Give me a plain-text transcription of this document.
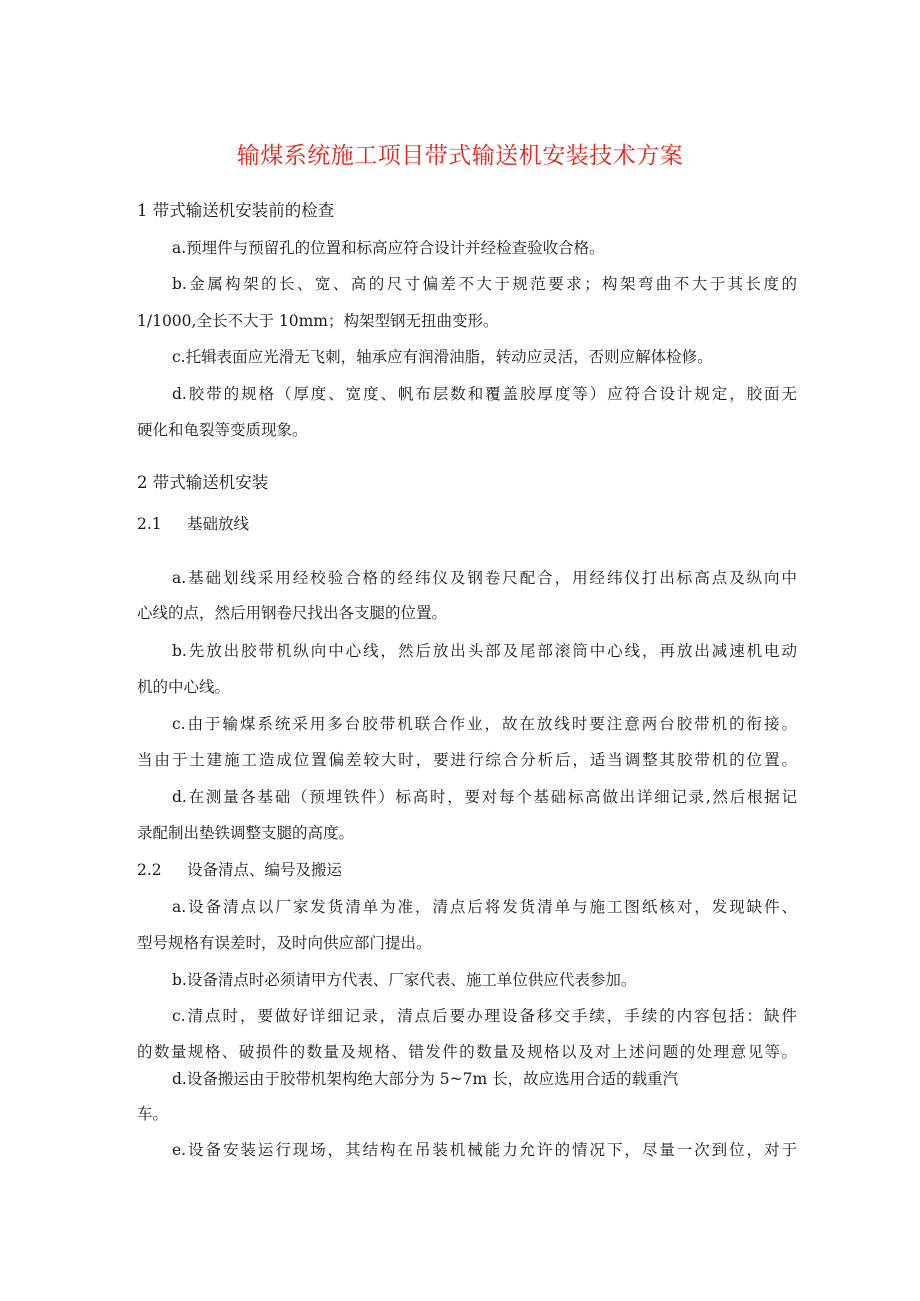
输煤系统施工项目带式输送机安装技术方案
1 带式输送机安装前的检查
a.预埋件与预留孔的位置和标高应符合设计并经检查验收合格。
b.金属构架的长、宽、高的尺寸偏差不大于规范要求；构架弯曲不大于其长度的
1/1000,全长不大于 10mm；构架型钢无扭曲变形。
c.托辑表面应光滑无飞刺，轴承应有润滑油脂，转动应灵活，否则应解体检修。
d.胶带的规格（厚度、宽度、帆布层数和覆盖胶厚度等）应符合设计规定，胶面无
硬化和龟裂等变质现象。
2 带式输送机安装
2.1 基础放线
a.基础划线采用经校验合格的经纬仪及钢卷尺配合，用经纬仪打出标高点及纵向中
心线的点，然后用钢卷尺找出各支腿的位置。
b.先放出胶带机纵向中心线，然后放出头部及尾部滚筒中心线，再放出减速机电动
机的中心线。
c.由于输煤系统采用多台胶带机联合作业，故在放线时要注意两台胶带机的衔接。
当由于土建施工造成位置偏差较大时，要进行综合分析后，适当调整其胶带机的位置。
d.在测量各基础（预埋铁件）标高时，要对每个基础标高做出详细记录,然后根据记
录配制出垫铁调整支腿的高度。
2.2 设备清点、编号及搬运
a.设备清点以厂家发货清单为准，清点后将发货清单与施工图纸核对，发现缺件、
型号规格有误差时，及时向供应部门提出。
b.设备清点时必须请甲方代表、厂家代表、施工单位供应代表参加。
c.清点时，要做好详细记录，清点后要办理设备移交手续，手续的内容包括：缺件
的数量规格、破损件的数量及规格、错发件的数量及规格以及对上述问题的处理意见等。
d.设备搬运由于胶带机架构绝大部分为 5~7m 长，故应选用合适的载重汽
车。
e.设备安装运行现场，其结构在吊装机械能力允许的情况下，尽量一次到位，对于
